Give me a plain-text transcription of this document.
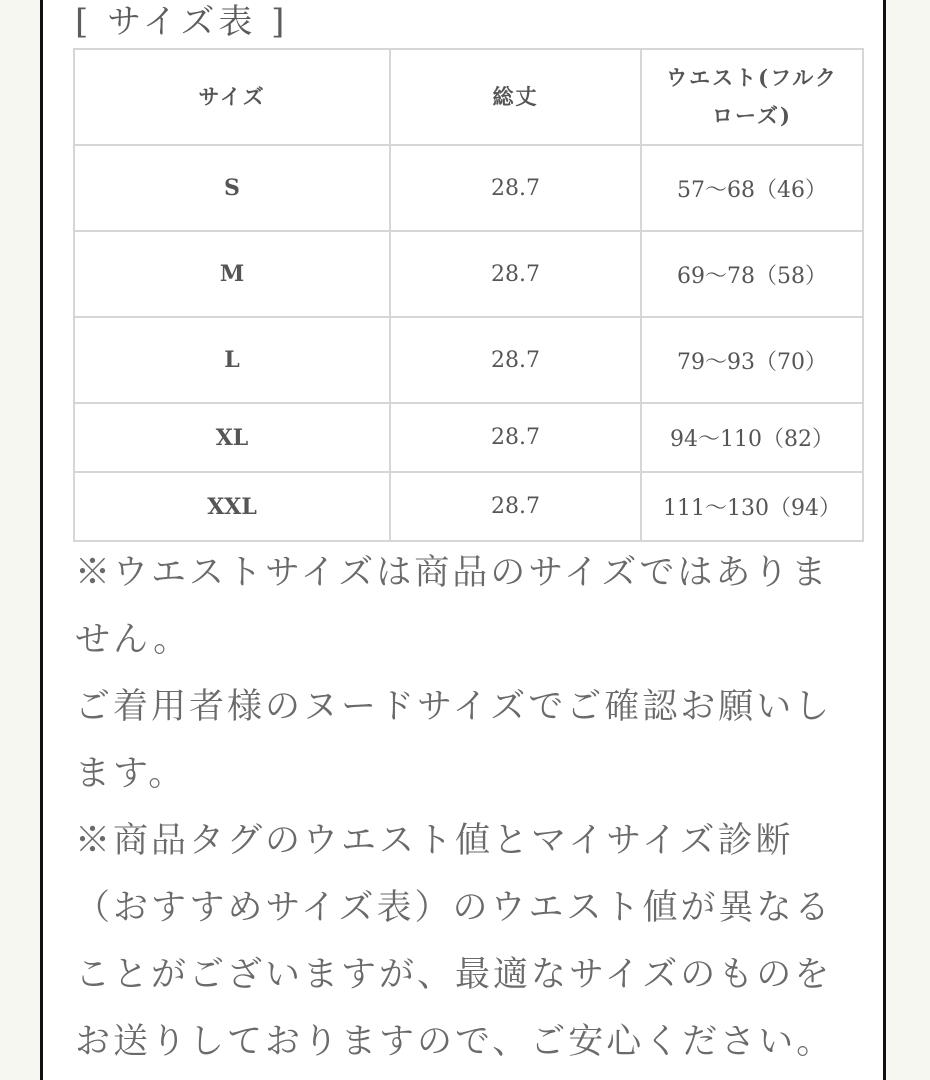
[ サイズ表 ]
サイズ	総丈	ウエスト(フルク
ローズ)
S	28.7	57～68（46）
M	28.7	69～78（58）
L	28.7	79～93（70）
XL	28.7	94～110（82）
XXL	28.7	111～130（94）

※ウエストサイズは商品のサイズではありません。

ご着用者様のヌードサイズでご確認お願いします。

※商品タグのウエスト値とマイサイズ診断（おすすめサイズ表）のウエスト値が異なることがございますが、最適なサイズのものをお送りしておりますので、ご安心ください。
